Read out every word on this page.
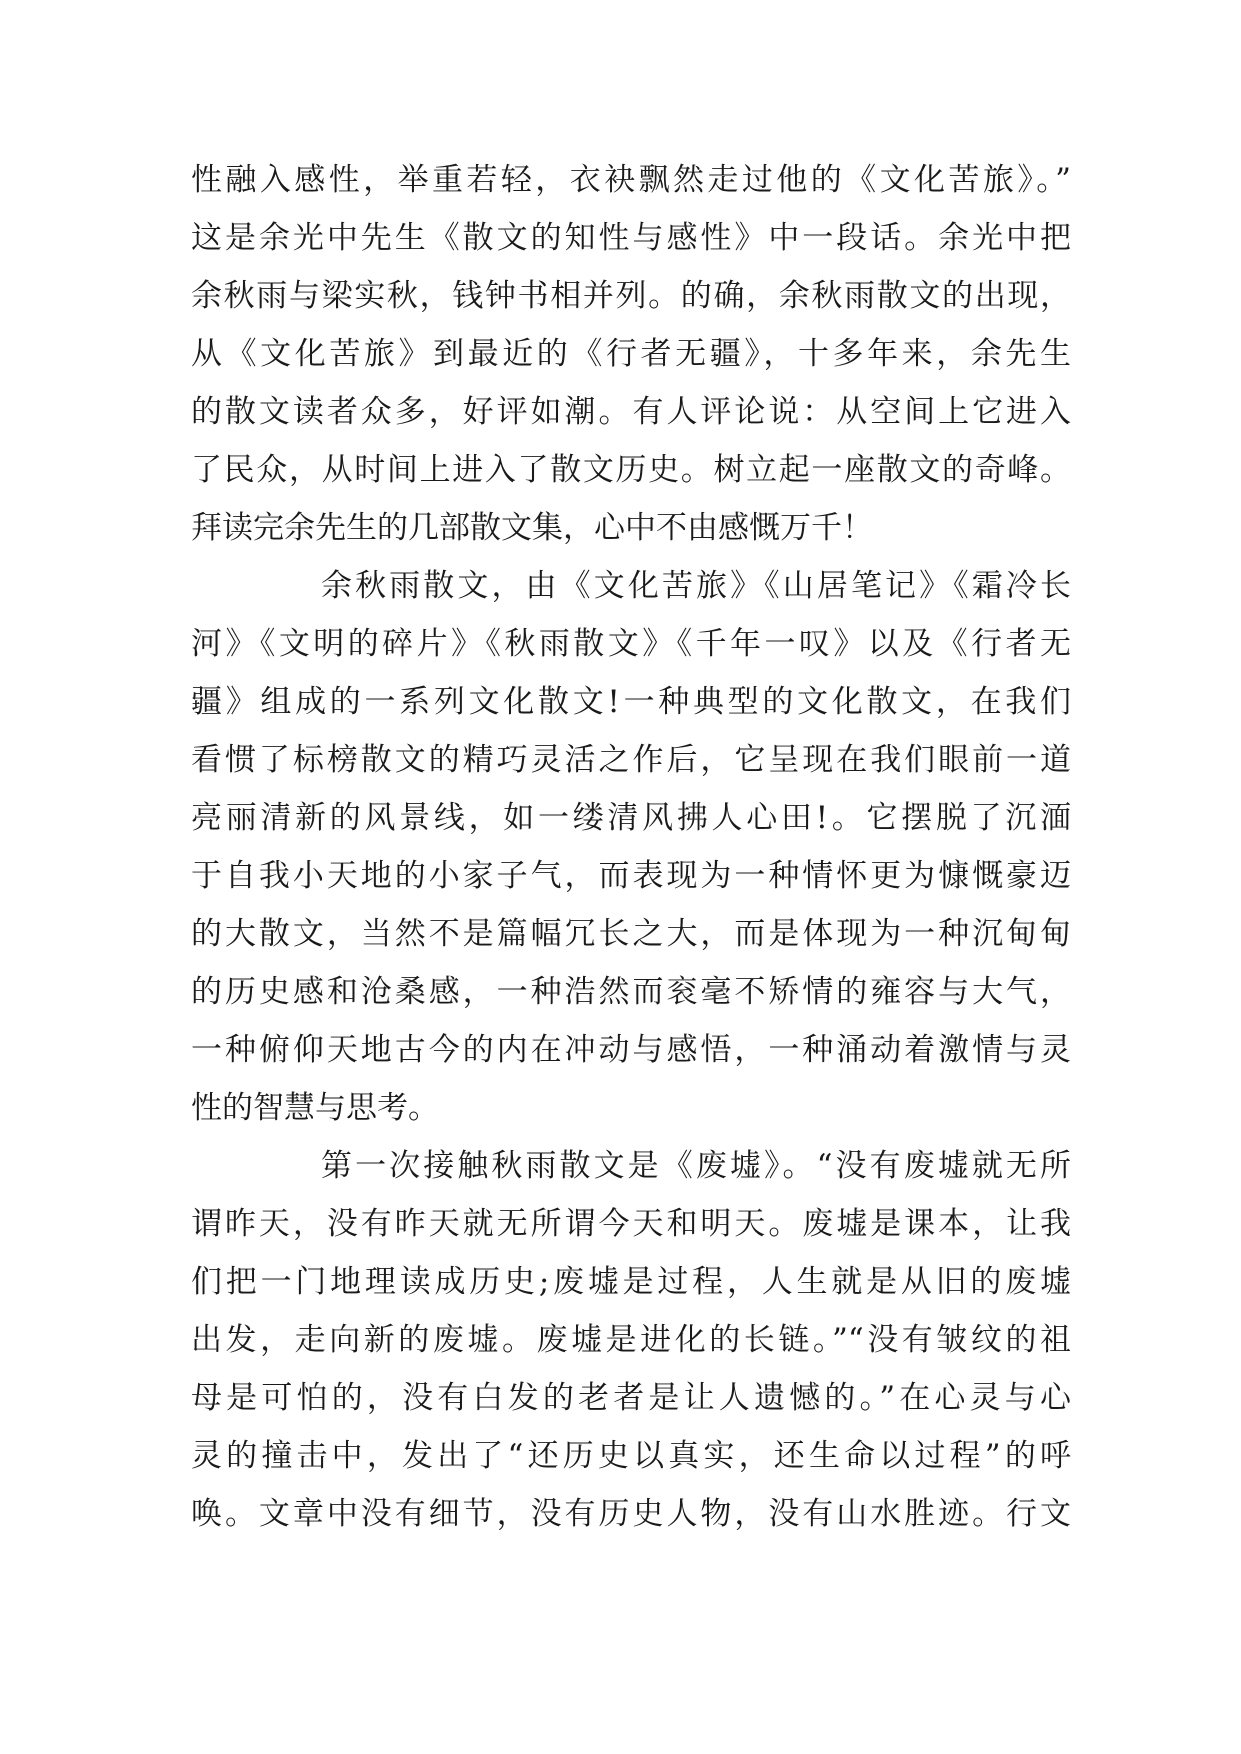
性融入感性，举重若轻，衣袂飘然走过他的《文化苦旅》。”
这是余光中先生《散文的知性与感性》中一段话。余光中把
余秋雨与梁实秋，钱钟书相并列。的确，余秋雨散文的出现，
从《文化苦旅》到最近的《行者无疆》，十多年来，余先生
的散文读者众多，好评如潮。有人评论说：从空间上它进入
了民众，从时间上进入了散文历史。树立起一座散文的奇峰。
拜读完余先生的几部散文集，心中不由感慨万千！
余秋雨散文，由《文化苦旅》《山居笔记》《霜冷长
河》《文明的碎片》《秋雨散文》《千年一叹》以及《行者无
疆》组成的一系列文化散文!一种典型的文化散文，在我们
看惯了标榜散文的精巧灵活之作后，它呈现在我们眼前一道
亮丽清新的风景线，如一缕清风拂人心田!。它摆脱了沉湎
于自我小天地的小家子气，而表现为一种情怀更为慷慨豪迈
的大散文，当然不是篇幅冗长之大，而是体现为一种沉甸甸
的历史感和沧桑感，一种浩然而衮毫不矫情的雍容与大气，
一种俯仰天地古今的内在冲动与感悟，一种涌动着激情与灵
性的智慧与思考。
第一次接触秋雨散文是《废墟》。“没有废墟就无所
谓昨天，没有昨天就无所谓今天和明天。废墟是课本，让我
们把一门地理读成历史;废墟是过程，人生就是从旧的废墟
出发，走向新的废墟。废墟是进化的长链。”“没有皱纹的祖
母是可怕的，没有白发的老者是让人遗憾的。”在心灵与心
灵的撞击中，发出了“还历史以真实，还生命以过程”的呼
唤。文章中没有细节，没有历史人物，没有山水胜迹。行文
